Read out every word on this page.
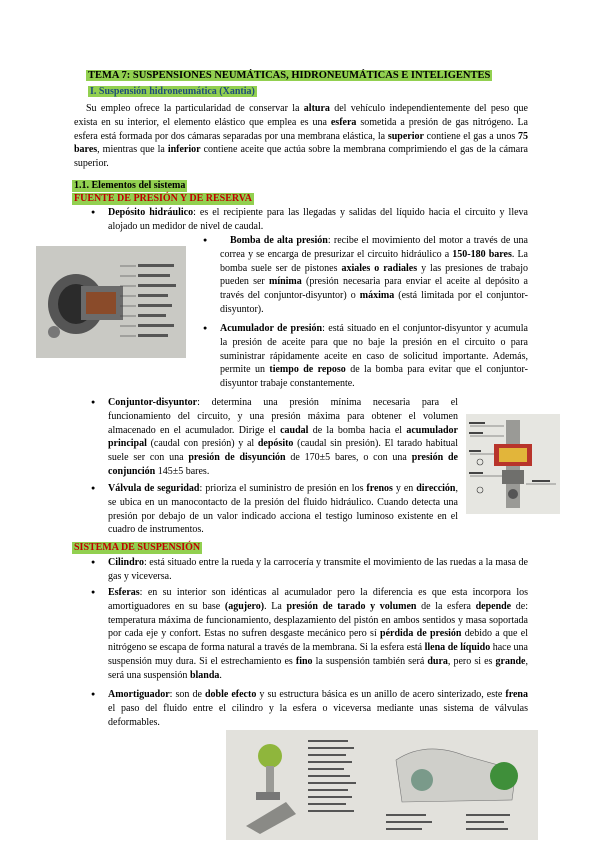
TEMA 7: SUSPENSIONES NEUMÁTICAS, HIDRONEUMÁTICAS E INTELIGENTES
I. Suspensión hidroneumática (Xantia)
Su empleo ofrece la particularidad de conservar la altura del vehículo independientemente del peso que exista en su interior, el elemento elástico que emplea es una esfera sometida a presión de gas nitrógeno. La esfera está formada por dos cámaras separadas por una membrana elástica, la superior contiene el gas a unos 75 bares, mientras que la inferior contiene aceite que actúa sobre la membrana comprimiendo el gas de la cámara superior.
1.1. Elementos del sistema
FUENTE DE PRESIÓN Y DE RESERVA
● Depósito hidráulico: es el recipiente para las llegadas y salidas del líquido hacia el circuito y lleva alojado un medidor de nivel de caudal.
● Bomba de alta presión: recibe el movimiento del motor a través de una correa y se encarga de presurizar el circuito hidráulico a 150-180 bares. La bomba suele ser de pistones axiales o radiales y las presiones de trabajo pueden ser mínima (presión necesaria para enviar el aceite al depósito a través del conjuntor-disyuntor) o máxima (está limitada por el conjuntor-disyuntor).
● Acumulador de presión: está situado en el conjuntor-disyuntor y acumula la presión de aceite para que no baje la presión en el circuito o para suministrar rápidamente aceite en caso de solicitud importante. Además, permite un tiempo de reposo de la bomba para evitar que el conjuntor-disyuntor trabaje constantemente.
● Conjuntor-disyuntor: determina una presión mínima necesaria para el funcionamiento del circuito, y una presión máxima para obtener el volumen almacenado en el acumulador. Dirige el caudal de la bomba hacia el acumulador principal (caudal con presión) y al depósito (caudal sin presión). El tarado habitual suele ser con una presión de disyunción de 170±5 bares, o con una presión de conjunción 145±5 bares.
● Válvula de seguridad: prioriza el suministro de presión en los frenos y en dirección, se ubica en un manocontacto de la presión del fluido hidráulico. Cuando detecta una presión por debajo de un valor indicado acciona el testigo luminoso existente en el cuadro de instrumentos.
SISTEMA DE SUSPENSIÓN
● Cilindro: está situado entre la rueda y la carrocería y transmite el movimiento de las ruedas a la masa de gas y viceversa.
● Esferas: en su interior son idénticas al acumulador pero la diferencia es que esta incorpora los amortiguadores en su base (agujero). La presión de tarado y volumen de la esfera depende de: temperatura máxima de funcionamiento, desplazamiento del pistón en ambos sentidos y masa soportada por cada eje y confort. Estas no sufren desgaste mecánico pero sí pérdida de presión debido a que el nitrógeno se escapa de forma natural a través de la membrana. Si la esfera está llena de líquido hace una suspensión muy dura. Si el estrechamiento es fino la suspensión también será dura, pero si es grande, será una suspensión blanda.
● Amortiguador: son de doble efecto y su estructura básica es un anillo de acero sinterizado, este frena el paso del fluido entre el cilindro y la esfera o viceversa mediante unas sistema de válvulas deformables.
